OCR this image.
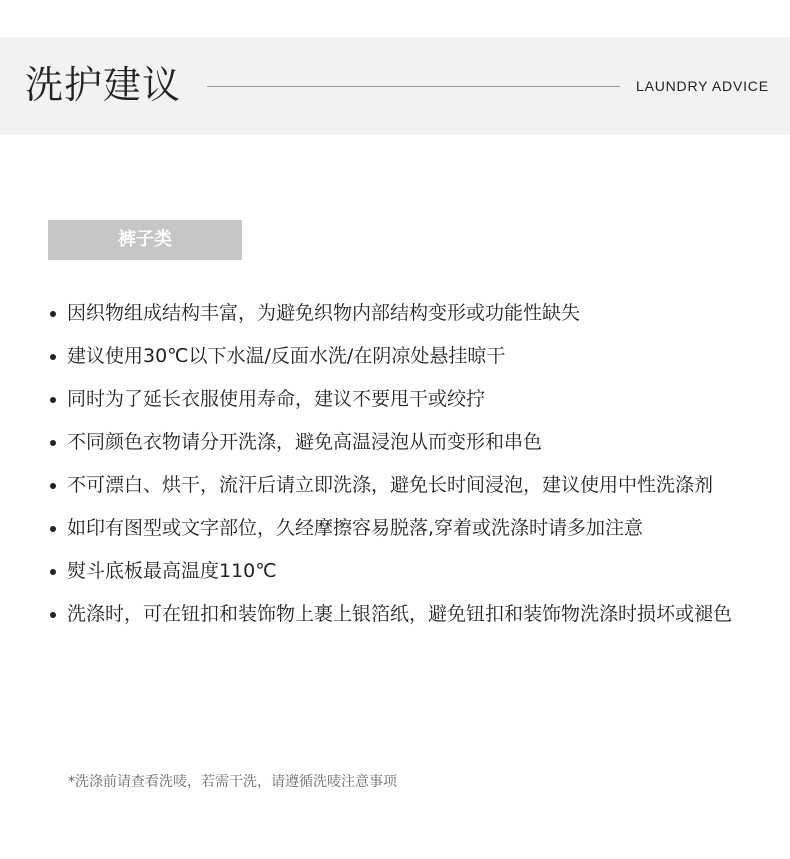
洗护建议	LAUNDRY ADVICE
裤子类
因织物组成结构丰富，为避免织物内部结构变形或功能性缺失
建议使用30℃以下水温/反面水洗/在阴凉处悬挂晾干
同时为了延长衣服使用寿命，建议不要甩干或绞拧
不同颜色衣物请分开洗涤，避免高温浸泡从而变形和串色
不可漂白、烘干，流汗后请立即洗涤，避免长时间浸泡，建议使用中性洗涤剂
如印有图型或文字部位，久经摩擦容易脱落,穿着或洗涤时请多加注意
熨斗底板最高温度110℃
洗涤时，可在钮扣和装饰物上裹上银箔纸，避免钮扣和装饰物洗涤时损坏或褪色
*洗涤前请查看洗唛，若需干洗，请遵循洗唛注意事项
